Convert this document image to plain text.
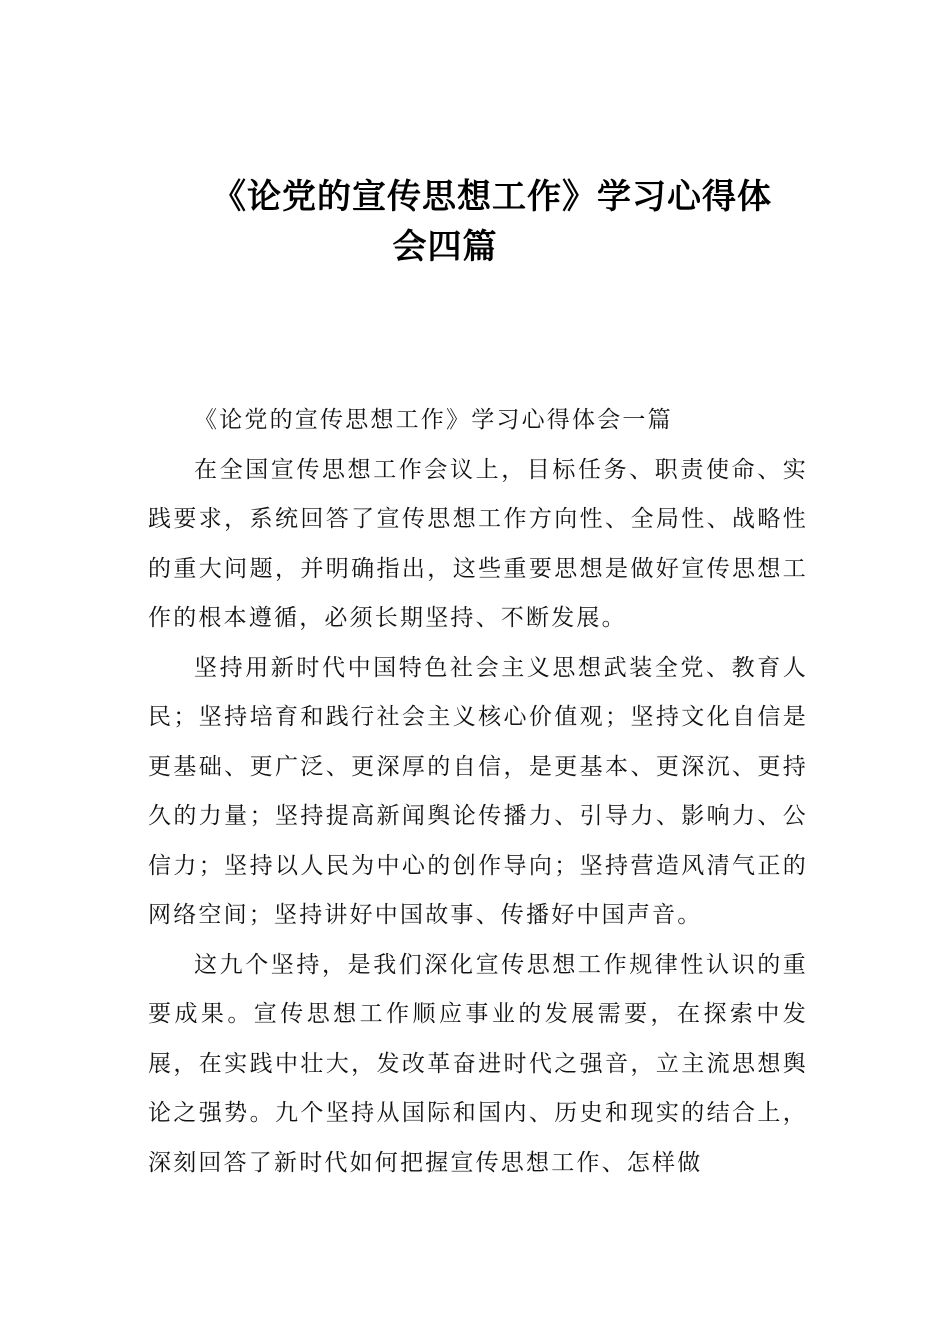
《论党的宣传思想工作》学习心得体
会四篇

《论党的宣传思想工作》学习心得体会一篇

在全国宣传思想工作会议上，目标任务、职责使命、实践要求，系统回答了宣传思想工作方向性、全局性、战略性的重大问题，并明确指出，这些重要思想是做好宣传思想工作的根本遵循，必须长期坚持、不断发展。

坚持用新时代中国特色社会主义思想武装全党、教育人民；坚持培育和践行社会主义核心价值观；坚持文化自信是更基础、更广泛、更深厚的自信，是更基本、更深沉、更持久的力量；坚持提高新闻舆论传播力、引导力、影响力、公信力；坚持以人民为中心的创作导向；坚持营造风清气正的网络空间；坚持讲好中国故事、传播好中国声音。

这九个坚持，是我们深化宣传思想工作规律性认识的重要成果。宣传思想工作顺应事业的发展需要，在探索中发展，在实践中壮大，发改革奋进时代之强音，立主流思想舆论之强势。九个坚持从国际和国内、历史和现实的结合上，深刻回答了新时代如何把握宣传思想工作、怎样做
